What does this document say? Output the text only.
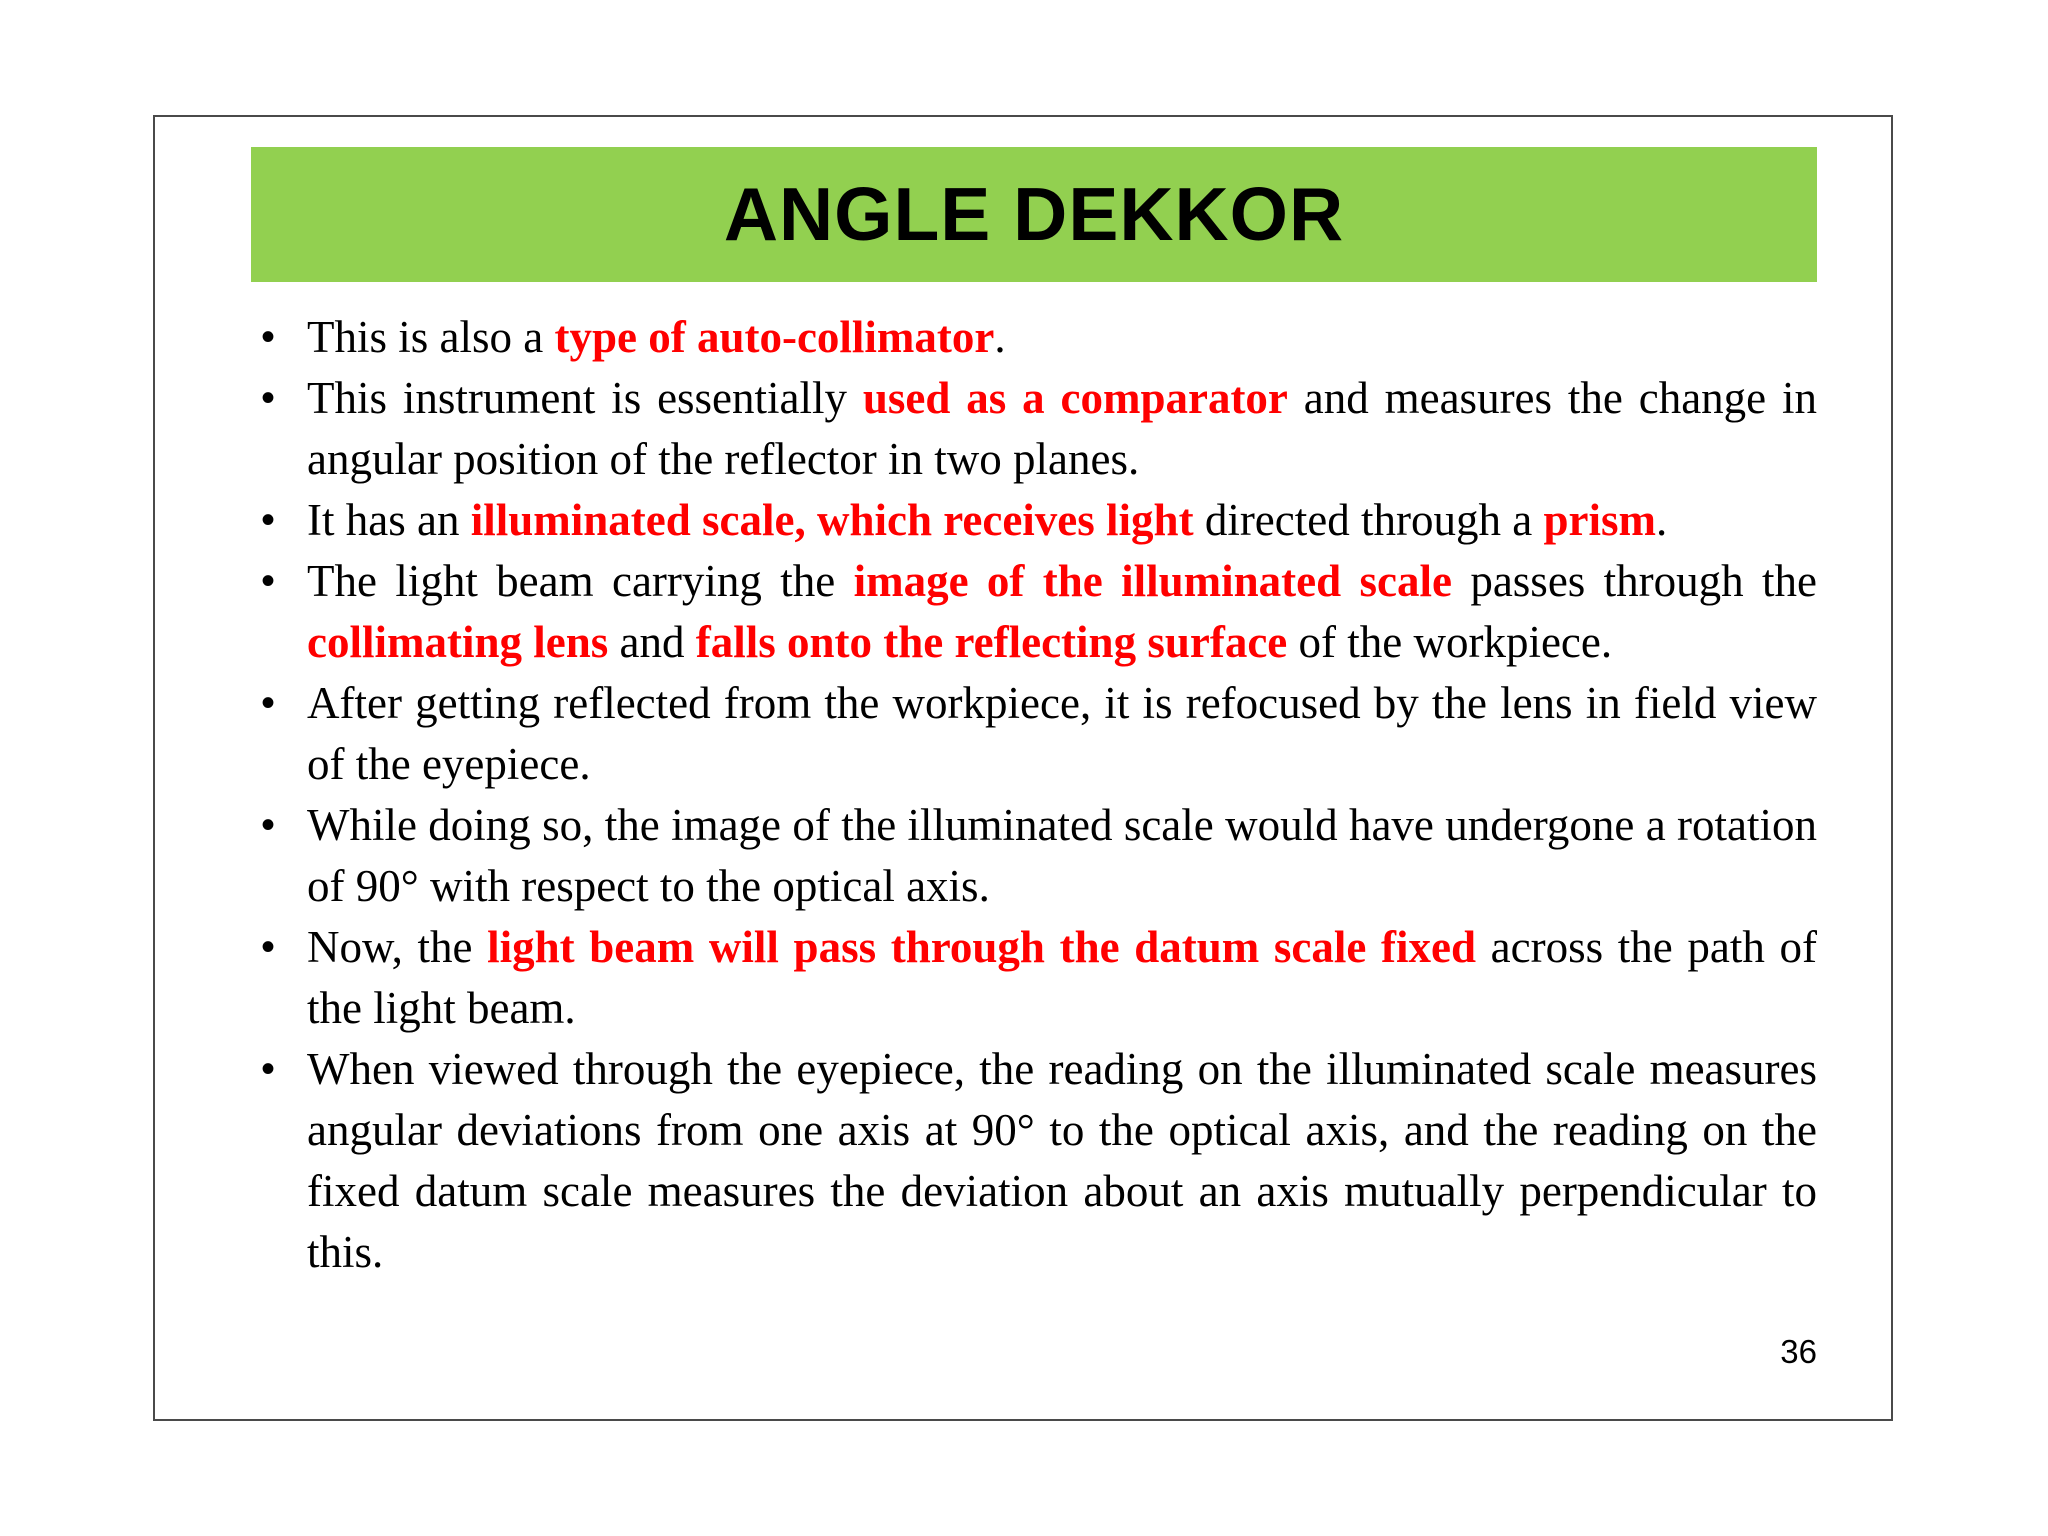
ANGLE DEKKOR
• This is also a type of auto-collimator.
• This instrument is essentially used as a comparator and measures the change in angular position of the reflector in two planes.
• It has an illuminated scale, which receives light directed through a prism.
• The light beam carrying the image of the illuminated scale passes through the collimating lens and falls onto the reflecting surface of the workpiece.
• After getting reflected from the workpiece, it is refocused by the lens in field view of the eyepiece.
• While doing so, the image of the illuminated scale would have undergone a rotation of 90° with respect to the optical axis.
• Now, the light beam will pass through the datum scale fixed across the path of the light beam.
• When viewed through the eyepiece, the reading on the illuminated scale measures angular deviations from one axis at 90° to the optical axis, and the reading on the fixed datum scale measures the deviation about an axis mutually perpendicular to this.
36
